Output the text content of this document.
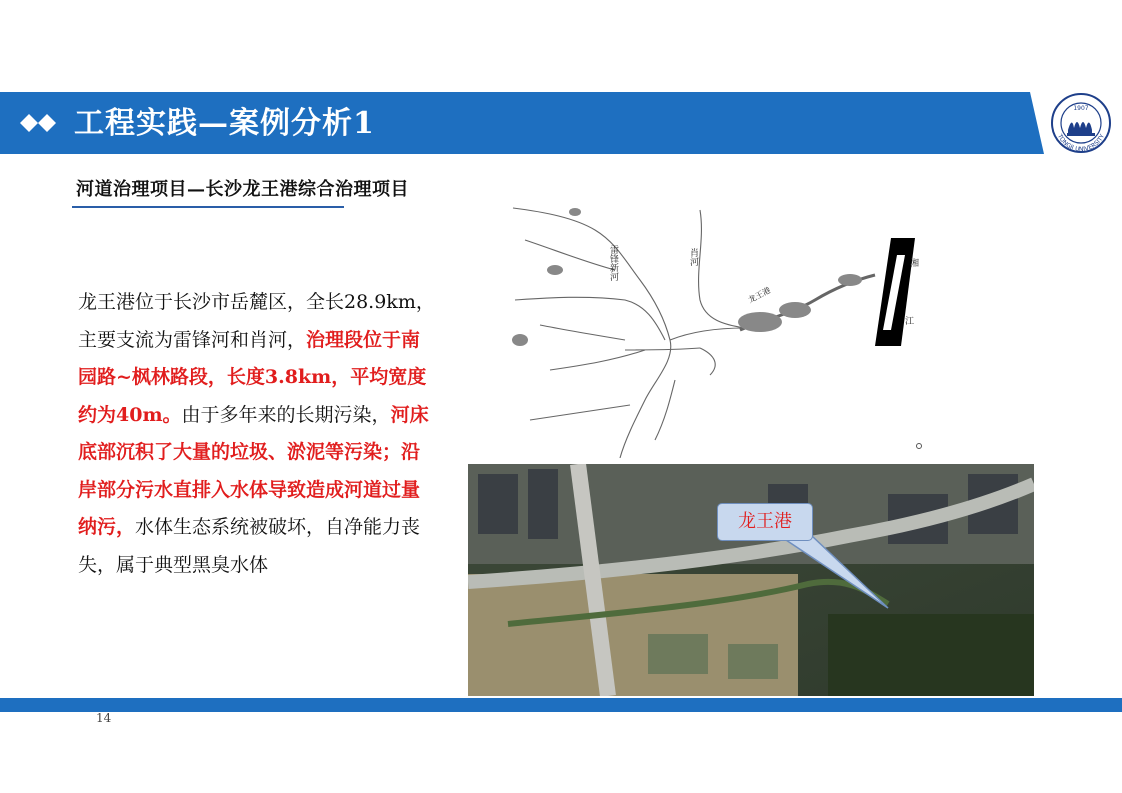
工程实践—案例分析1	1907
TONGJI UNIVERSITY
河道治理项目—长沙龙王港综合治理项目
龙王港位于长沙市岳麓区，全长28.9km，主要支流为雷锋河和肖河，治理段位于南园路~枫林路段，长度3.8km，平均宽度约为40m。由于多年来的长期污染，河床底部沉积了大量的垃圾、淤泥等污染；沿岸部分污水直排入水体导致造成河道过量纳污，水体生态系统被破坏，自净能力丧失，属于典型黑臭水体
雷锋新河	肖河
龙王港
湘
江
龙王港
14
